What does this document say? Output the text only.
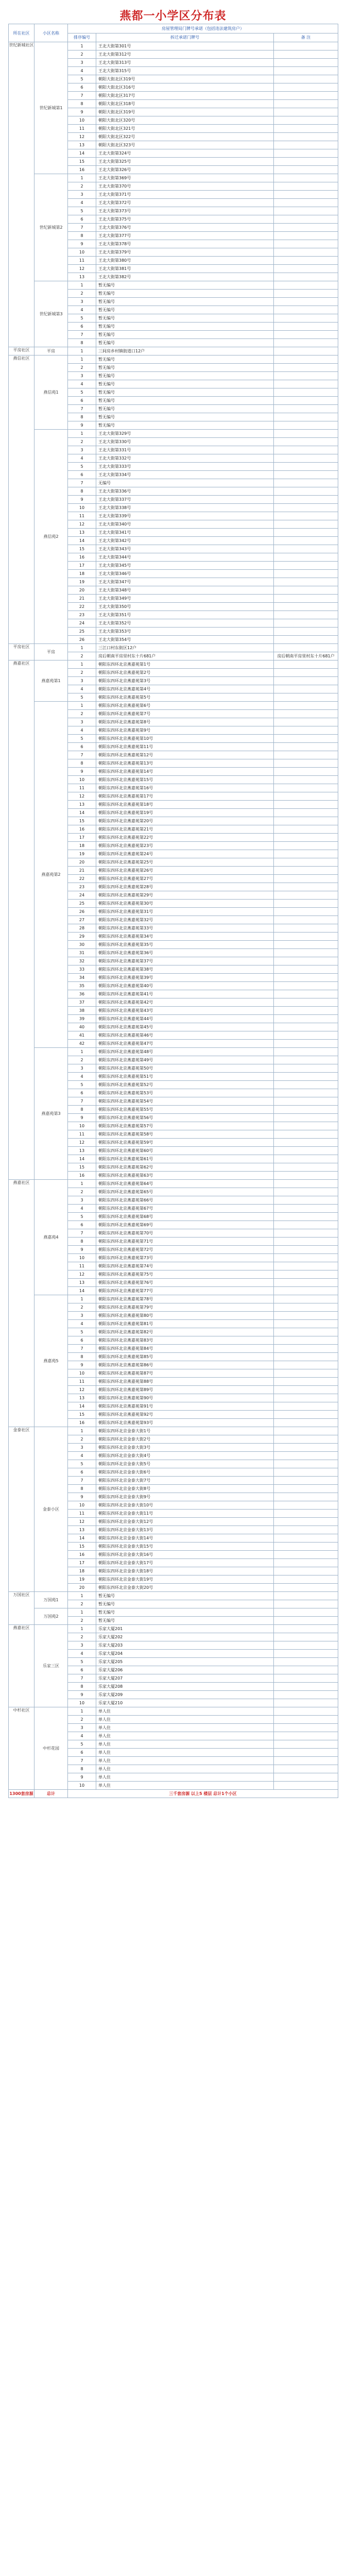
燕都一小学区分布表
所在社区	小区名称	房屋管理局门牌号承诺（包括违法建筑房户）		
		排序编号	拆迁承诺门牌号	备 注
世纪新城社区	世纪新城第1	1	王北大街第301号	
		2	王北大街第312号	
		3	王北大街第313号	
		4	王北大街第315号	
		5	朝阳大街北区319号	
		6	朝阳大街北区316号	
		7	朝阳大街北区317号	
		8	朝阳大街北区318号	
		9	朝阳大街北区319号	
		10	朝阳大街北区320号	
		11	朝阳大街北区321号	
		12	朝阳大街北区322号	
		13	朝阳大街北区323号	
		14	王北大街第324号	
		15	王北大街第325号	
		16	王北大街第326号	
	世纪新城第2	1	王北大街第369号	
		2	王北大街第370号	
		3	王北大街第371号	
		4	王北大街第372号	
		5	王北大街第373号	
		6	王北大街第375号	
		7	王北大街第376号	
		8	王北大街第377号	
		9	王北大街第378号	
		10	王北大街第379号	
		11	王北大街第380号	
		12	王北大街第381号	
		13	王北大街第382号	
	世纪新城第3	1	暂无编号	
		2	暂无编号	
		3	暂无编号	
		4	暂无编号	
		5	暂无编号	
		6	暂无编号	
		7	暂无编号	
		8	暂无编号	
平房社区	平房	1	三间房乡村镇街道口12户	
燕信社区	燕信苑1	1	暂无编号	
		2	暂无编号	
		3	暂无编号	
		4	暂无编号	
		5	暂无编号	
		6	暂无编号	
		7	暂无编号	
		8	暂无编号	
		9	暂无编号	
	燕信苑2	1	王北大街第329号	
		2	王北大街第330号	
		3	王北大街第331号	
		4	王北大街第332号	
		5	王北大街第333号	
		6	王北大街第334号	
		7	无编号	
		8	王北大街第336号	
		9	王北大街第337号	
		10	王北大街第338号	
		11	王北大街第339号	
		12	王北大街第340号	
		13	王北大街第341号	
		14	王北大街第342号	
		15	王北大街第343号	
		16	王北大街第344号	
		17	王北大街第345号	
		18	王北大街第346号	
		19	王北大街第347号	
		20	王北大街第348号	
		21	王北大街第349号	
		22	王北大街第350号	
		23	王北大街第351号	
		24	王北大街第352号	
		25	王北大街第353号	
		26	王北大街第354号	
平房社区	平房	1	三江口村东街区12户	
		2	房后朝南平房里村东十片681户	房后朝南平房里村东十片681户
燕嘉社区	燕嘉苑第1	1	朝阳东四环北京燕嘉苑第1号	
		2	朝阳东四环北京燕嘉苑第2号	
		3	朝阳东四环北京燕嘉苑第3号	
		4	朝阳东四环北京燕嘉苑第4号	
		5	朝阳东四环北京燕嘉苑第5号	
	燕嘉苑第2	1	朝阳东四环北京燕嘉苑第6号	
		2	朝阳东四环北京燕嘉苑第7号	
		3	朝阳东四环北京燕嘉苑第8号	
		4	朝阳东四环北京燕嘉苑第9号	
		5	朝阳东四环北京燕嘉苑第10号	
		6	朝阳东四环北京燕嘉苑第11号	
		7	朝阳东四环北京燕嘉苑第12号	
		8	朝阳东四环北京燕嘉苑第13号	
		9	朝阳东四环北京燕嘉苑第14号	
		10	朝阳东四环北京燕嘉苑第15号	
		11	朝阳东四环北京燕嘉苑第16号	
		12	朝阳东四环北京燕嘉苑第17号	
		13	朝阳东四环北京燕嘉苑第18号	
		14	朝阳东四环北京燕嘉苑第19号	
		15	朝阳东四环北京燕嘉苑第20号	
		16	朝阳东四环北京燕嘉苑第21号	
		17	朝阳东四环北京燕嘉苑第22号	
		18	朝阳东四环北京燕嘉苑第23号	
		19	朝阳东四环北京燕嘉苑第24号	
		20	朝阳东四环北京燕嘉苑第25号	
		21	朝阳东四环北京燕嘉苑第26号	
		22	朝阳东四环北京燕嘉苑第27号	
		23	朝阳东四环北京燕嘉苑第28号	
		24	朝阳东四环北京燕嘉苑第29号	
		25	朝阳东四环北京燕嘉苑第30号	
		26	朝阳东四环北京燕嘉苑第31号	
		27	朝阳东四环北京燕嘉苑第32号	
		28	朝阳东四环北京燕嘉苑第33号	
		29	朝阳东四环北京燕嘉苑第34号	
		30	朝阳东四环北京燕嘉苑第35号	
		31	朝阳东四环北京燕嘉苑第36号	
		32	朝阳东四环北京燕嘉苑第37号	
		33	朝阳东四环北京燕嘉苑第38号	
		34	朝阳东四环北京燕嘉苑第39号	
		35	朝阳东四环北京燕嘉苑第40号	
		36	朝阳东四环北京燕嘉苑第41号	
		37	朝阳东四环北京燕嘉苑第42号	
		38	朝阳东四环北京燕嘉苑第43号	
		39	朝阳东四环北京燕嘉苑第44号	
		40	朝阳东四环北京燕嘉苑第45号	
		41	朝阳东四环北京燕嘉苑第46号	
		42	朝阳东四环北京燕嘉苑第47号	
	燕嘉苑第3	1	朝阳东四环北京燕嘉苑第48号	
		2	朝阳东四环北京燕嘉苑第49号	
		3	朝阳东四环北京燕嘉苑第50号	
		4	朝阳东四环北京燕嘉苑第51号	
		5	朝阳东四环北京燕嘉苑第52号	
		6	朝阳东四环北京燕嘉苑第53号	
		7	朝阳东四环北京燕嘉苑第54号	
		8	朝阳东四环北京燕嘉苑第55号	
		9	朝阳东四环北京燕嘉苑第56号	
		10	朝阳东四环北京燕嘉苑第57号	
		11	朝阳东四环北京燕嘉苑第58号	
		12	朝阳东四环北京燕嘉苑第59号	
		13	朝阳东四环北京燕嘉苑第60号	
		14	朝阳东四环北京燕嘉苑第61号	
		15	朝阳东四环北京燕嘉苑第62号	
		16	朝阳东四环北京燕嘉苑第63号	
燕嘉社区	燕嘉苑4	1	朝阳东四环北京燕嘉苑第64号	
		2	朝阳东四环北京燕嘉苑第65号	
		3	朝阳东四环北京燕嘉苑第66号	
		4	朝阳东四环北京燕嘉苑第67号	
		5	朝阳东四环北京燕嘉苑第68号	
		6	朝阳东四环北京燕嘉苑第69号	
		7	朝阳东四环北京燕嘉苑第70号	
		8	朝阳东四环北京燕嘉苑第71号	
		9	朝阳东四环北京燕嘉苑第72号	
		10	朝阳东四环北京燕嘉苑第73号	
		11	朝阳东四环北京燕嘉苑第74号	
		12	朝阳东四环北京燕嘉苑第75号	
		13	朝阳东四环北京燕嘉苑第76号	
		14	朝阳东四环北京燕嘉苑第77号	
	燕嘉苑5	1	朝阳东四环北京燕嘉苑第78号	
		2	朝阳东四环北京燕嘉苑第79号	
		3	朝阳东四环北京燕嘉苑第80号	
		4	朝阳东四环北京燕嘉苑第81号	
		5	朝阳东四环北京燕嘉苑第82号	
		6	朝阳东四环北京燕嘉苑第83号	
		7	朝阳东四环北京燕嘉苑第84号	
		8	朝阳东四环北京燕嘉苑第85号	
		9	朝阳东四环北京燕嘉苑第86号	
		10	朝阳东四环北京燕嘉苑第87号	
		11	朝阳东四环北京燕嘉苑第88号	
		12	朝阳东四环北京燕嘉苑第89号	
		13	朝阳东四环北京燕嘉苑第90号	
		14	朝阳东四环北京燕嘉苑第91号	
		15	朝阳东四环北京燕嘉苑第92号	
		16	朝阳东四环北京燕嘉苑第93号	
金泰社区	金泰小区	1	朝阳东四环北京金泰大街1号	
		2	朝阳东四环北京金泰大街2号	
		3	朝阳东四环北京金泰大街3号	
		4	朝阳东四环北京金泰大街4号	
		5	朝阳东四环北京金泰大街5号	
		6	朝阳东四环北京金泰大街6号	
		7	朝阳东四环北京金泰大街7号	
		8	朝阳东四环北京金泰大街8号	
		9	朝阳东四环北京金泰大街9号	
		10	朝阳东四环北京金泰大街10号	
		11	朝阳东四环北京金泰大街11号	
		12	朝阳东四环北京金泰大街12号	
		13	朝阳东四环北京金泰大街13号	
		14	朝阳东四环北京金泰大街14号	
		15	朝阳东四环北京金泰大街15号	
		16	朝阳东四环北京金泰大街16号	
		17	朝阳东四环北京金泰大街17号	
		18	朝阳东四环北京金泰大街18号	
		19	朝阳东四环北京金泰大街19号	
		20	朝阳东四环北京金泰大街20号	
万国社区	万国苑1	1	暂无编号	
		2	暂无编号	
	万国苑2	1	暂无编号	
		2	暂无编号	
燕嘉社区	乐家三区	1	乐家大厦201	
		2	乐家大厦202	
		3	乐家大厦203	
		4	乐家大厦204	
		5	乐家大厦205	
		6	乐家大厦206	
		7	乐家大厦207	
		8	乐家大厦208	
		9	乐家大厦209	
		10	乐家大厦210	
中杉社区	中杉花园	1	单人住	
		2	单人住	
		3	单人住	
		4	单人住	
		5	单人住	
		6	单人住	
		7	单人住	
		8	单人住	
		9	单人住	
		10	单人住	
1300套房源	总计	三千套房源 以上5 楼层 总计1个小区		
